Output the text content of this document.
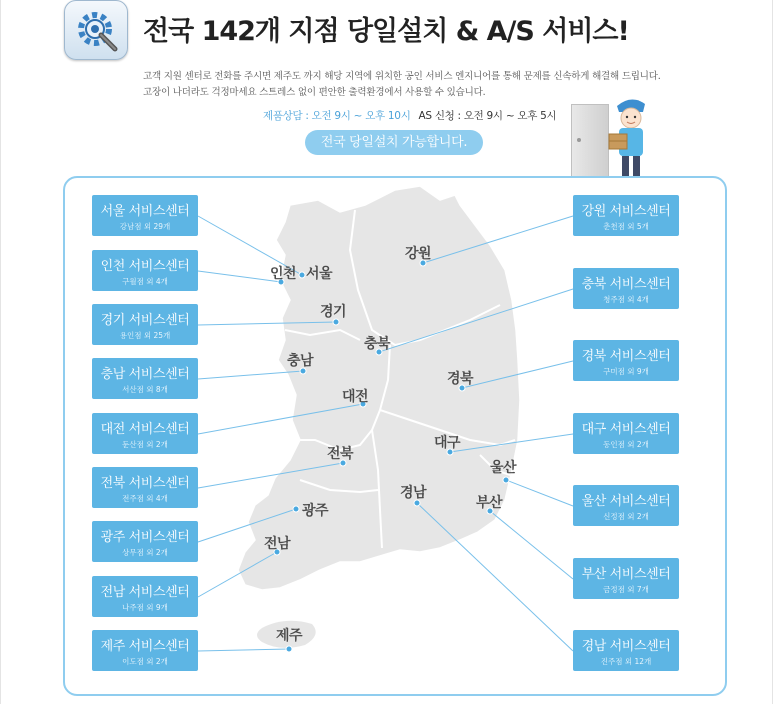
전국 142개 지점 당일설치 & A/S 서비스!
고객 지원 센터로 전화를 주시면 제주도 까지 해당 지역에 위치한 공인 서비스 엔지니어를 통해 문제를 신속하게 해결해 드립니다.
고장이 나더라도 걱정마세요 스트레스 없이 편안한 출력환경에서 사용할 수 있습니다.
제품상담 : 오전 9시 ~ 오후 10시 AS 신청 : 오전 9시 ~ 오후 5시
전국 당일설치 가능합니다.
인천 서울
강원
경기
충북
충남
대전
경북
대구
전북
울산
광주
경남
부산
전남
제주
서울 서비스센터
강남점 외 29개
인천 서비스센터
구월점 외 4개
경기 서비스센터
용인점 외 25개
충남 서비스센터
서산점 외 8개
대전 서비스센터
둔산점 외 2개
전북 서비스센터
전주점 외 4개
광주 서비스센터
상무점 외 2개
전남 서비스센터
나주점 외 9개
제주 서비스센터
이도점 외 2개
강원 서비스센터
춘천점 외 5개
충북 서비스센터
청주점 외 4개
경북 서비스센터
구미점 외 9개
대구 서비스센터
동인점 외 2개
울산 서비스센터
신정점 외 2개
부산 서비스센터
금정점 외 7개
경남 서비스센터
진주점 외 12개
